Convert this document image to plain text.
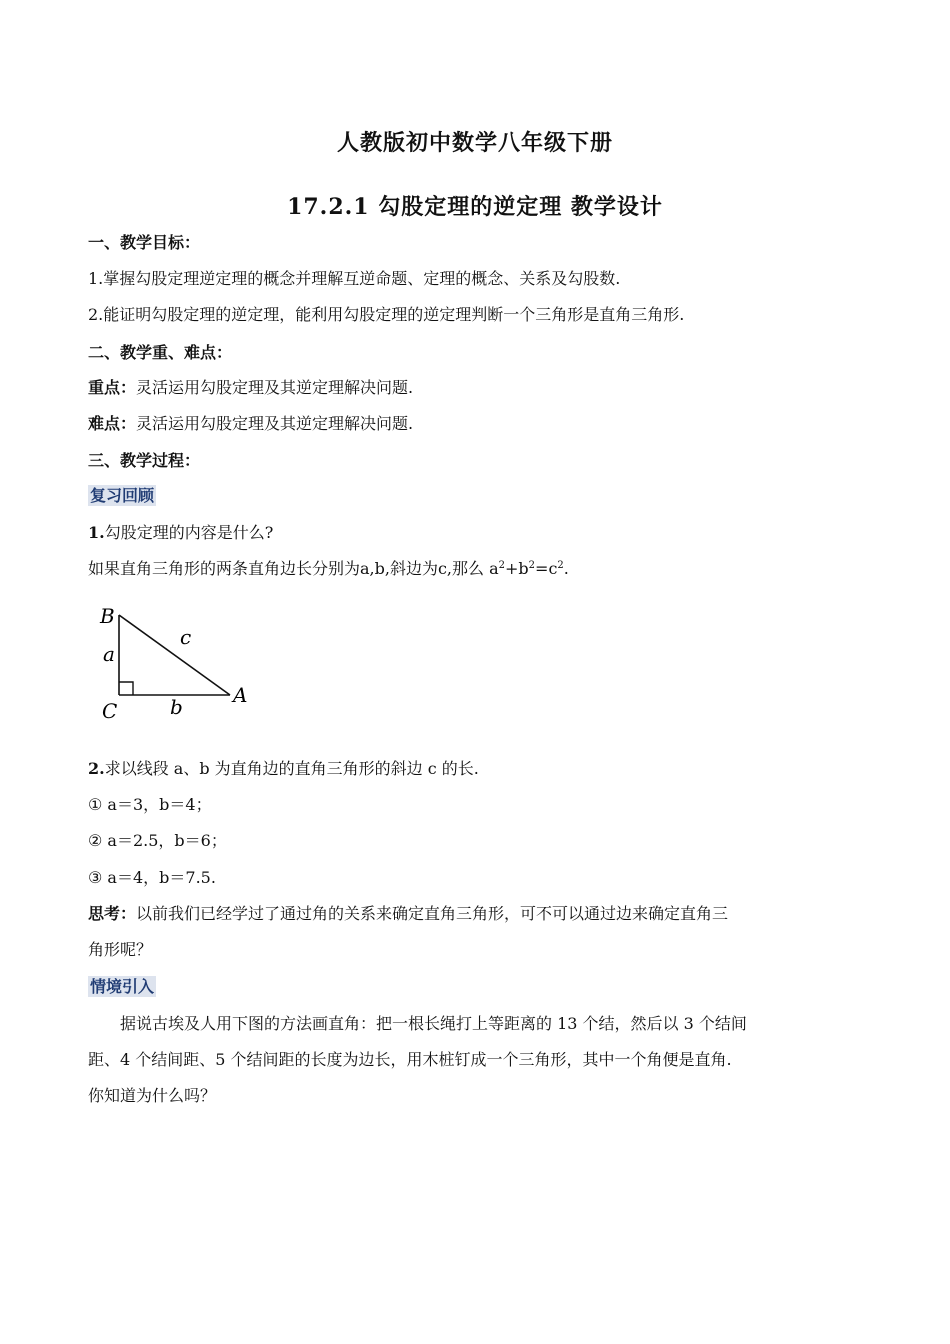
人教版初中数学八年级下册
17.2.1 勾股定理的逆定理 教学设计
一、教学目标：
1.掌握勾股定理逆定理的概念并理解互逆命题、定理的概念、关系及勾股数.
2.能证明勾股定理的逆定理，能利用勾股定理的逆定理判断一个三角形是直角三角形.
二、教学重、难点：
重点：灵活运用勾股定理及其逆定理解决问题.
难点：灵活运用勾股定理及其逆定理解决问题.
三、教学过程：
复习回顾
1.勾股定理的内容是什么?
如果直角三角形的两条直角边长分别为a,b,斜边为c,那么 $a^2+b^2=c^2$.
B
C
A
a
b
c
2.求以线段 a、b 为直角边的直角三角形的斜边 c 的长.
① a＝3，b＝4；
② a＝2.5，b＝6；
③ a＝4，b＝7.5.
思考：以前我们已经学过了通过角的关系来确定直角三角形，可不可以通过边来确定直角三
角形呢？
情境引入
据说古埃及人用下图的方法画直角：把一根长绳打上等距离的 13 个结，然后以 3 个结间
距、4 个结间距、5 个结间距的长度为边长，用木桩钉成一个三角形，其中一个角便是直角.
你知道为什么吗？
